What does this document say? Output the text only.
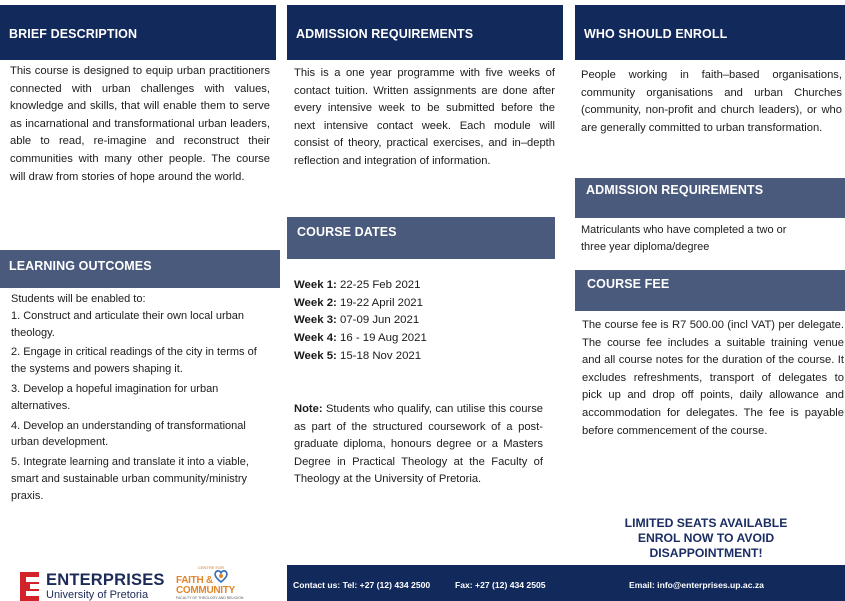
BRIEF DESCRIPTION
This course is designed to equip urban practitioners connected with urban challenges with values, knowledge and skills, that will enable them to serve as incarnational and transformational urban leaders, able to read, re-imagine and reconstruct their communities with many other people. The course will draw from stories of hope around the world.
LEARNING OUTCOMES

Students will be enabled to:

1. Construct and articulate their own local urban theology.

2. Engage in critical readings of the city in terms of the systems and powers shaping it.

3. Develop a hopeful imagination for urban alternatives.

4. Develop an understanding of transformational urban development.

5. Integrate learning and translate it into a viable, smart and sustainable urban community/ministry praxis.

ADMISSION REQUIREMENTS
This is a one year programme with five weeks of contact tuition. Written assignments are done after every intensive week to be submitted before the next intensive contact week. Each module will consist of theory, practical exercises, and in–depth reflection and integration of information.
COURSE DATES
Week 1: 22-25 Feb 2021
Week 2: 19-22 April 2021
Week 3: 07-09 Jun 2021
Week 4: 16 - 19 Aug 2021
Week 5: 15-18 Nov 2021
Note: Students who qualify, can utilise this course as part of the structured coursework of a post-graduate diploma, honours degree or a Masters Degree in Practical Theology at the Faculty of Theology at the University of Pretoria.
WHO SHOULD ENROLL
People working in faith–based organisations, community organisations and urban Churches (community, non-profit and church leaders), or who are generally committed to urban transformation.
ADMISSION REQUIREMENTS
Matriculants who have completed a two or three year diploma/degree
COURSE FEE
The course fee is R7 500.00 (incl VAT) per delegate. The course fee includes a suitable training venue and all course notes for the duration of the course. It excludes refreshments, transport of delegates to pick up and drop off points, daily allowance and accommodation for delegates. The fee is payable before commencement of the course.
LIMITED SEATS AVAILABLE
ENROL NOW TO AVOID
DISAPPOINTMENT!
Contact us: Tel: +27 (12) 434 2500	Fax: +27 (12) 434 2505	Email: info@enterprises.up.ac.za
ENTERPRISES
University of Pretoria
CENTRE FOR
FAITH &
COMMUNITY
FACULTY OF THEOLOGY AND RELIGION
